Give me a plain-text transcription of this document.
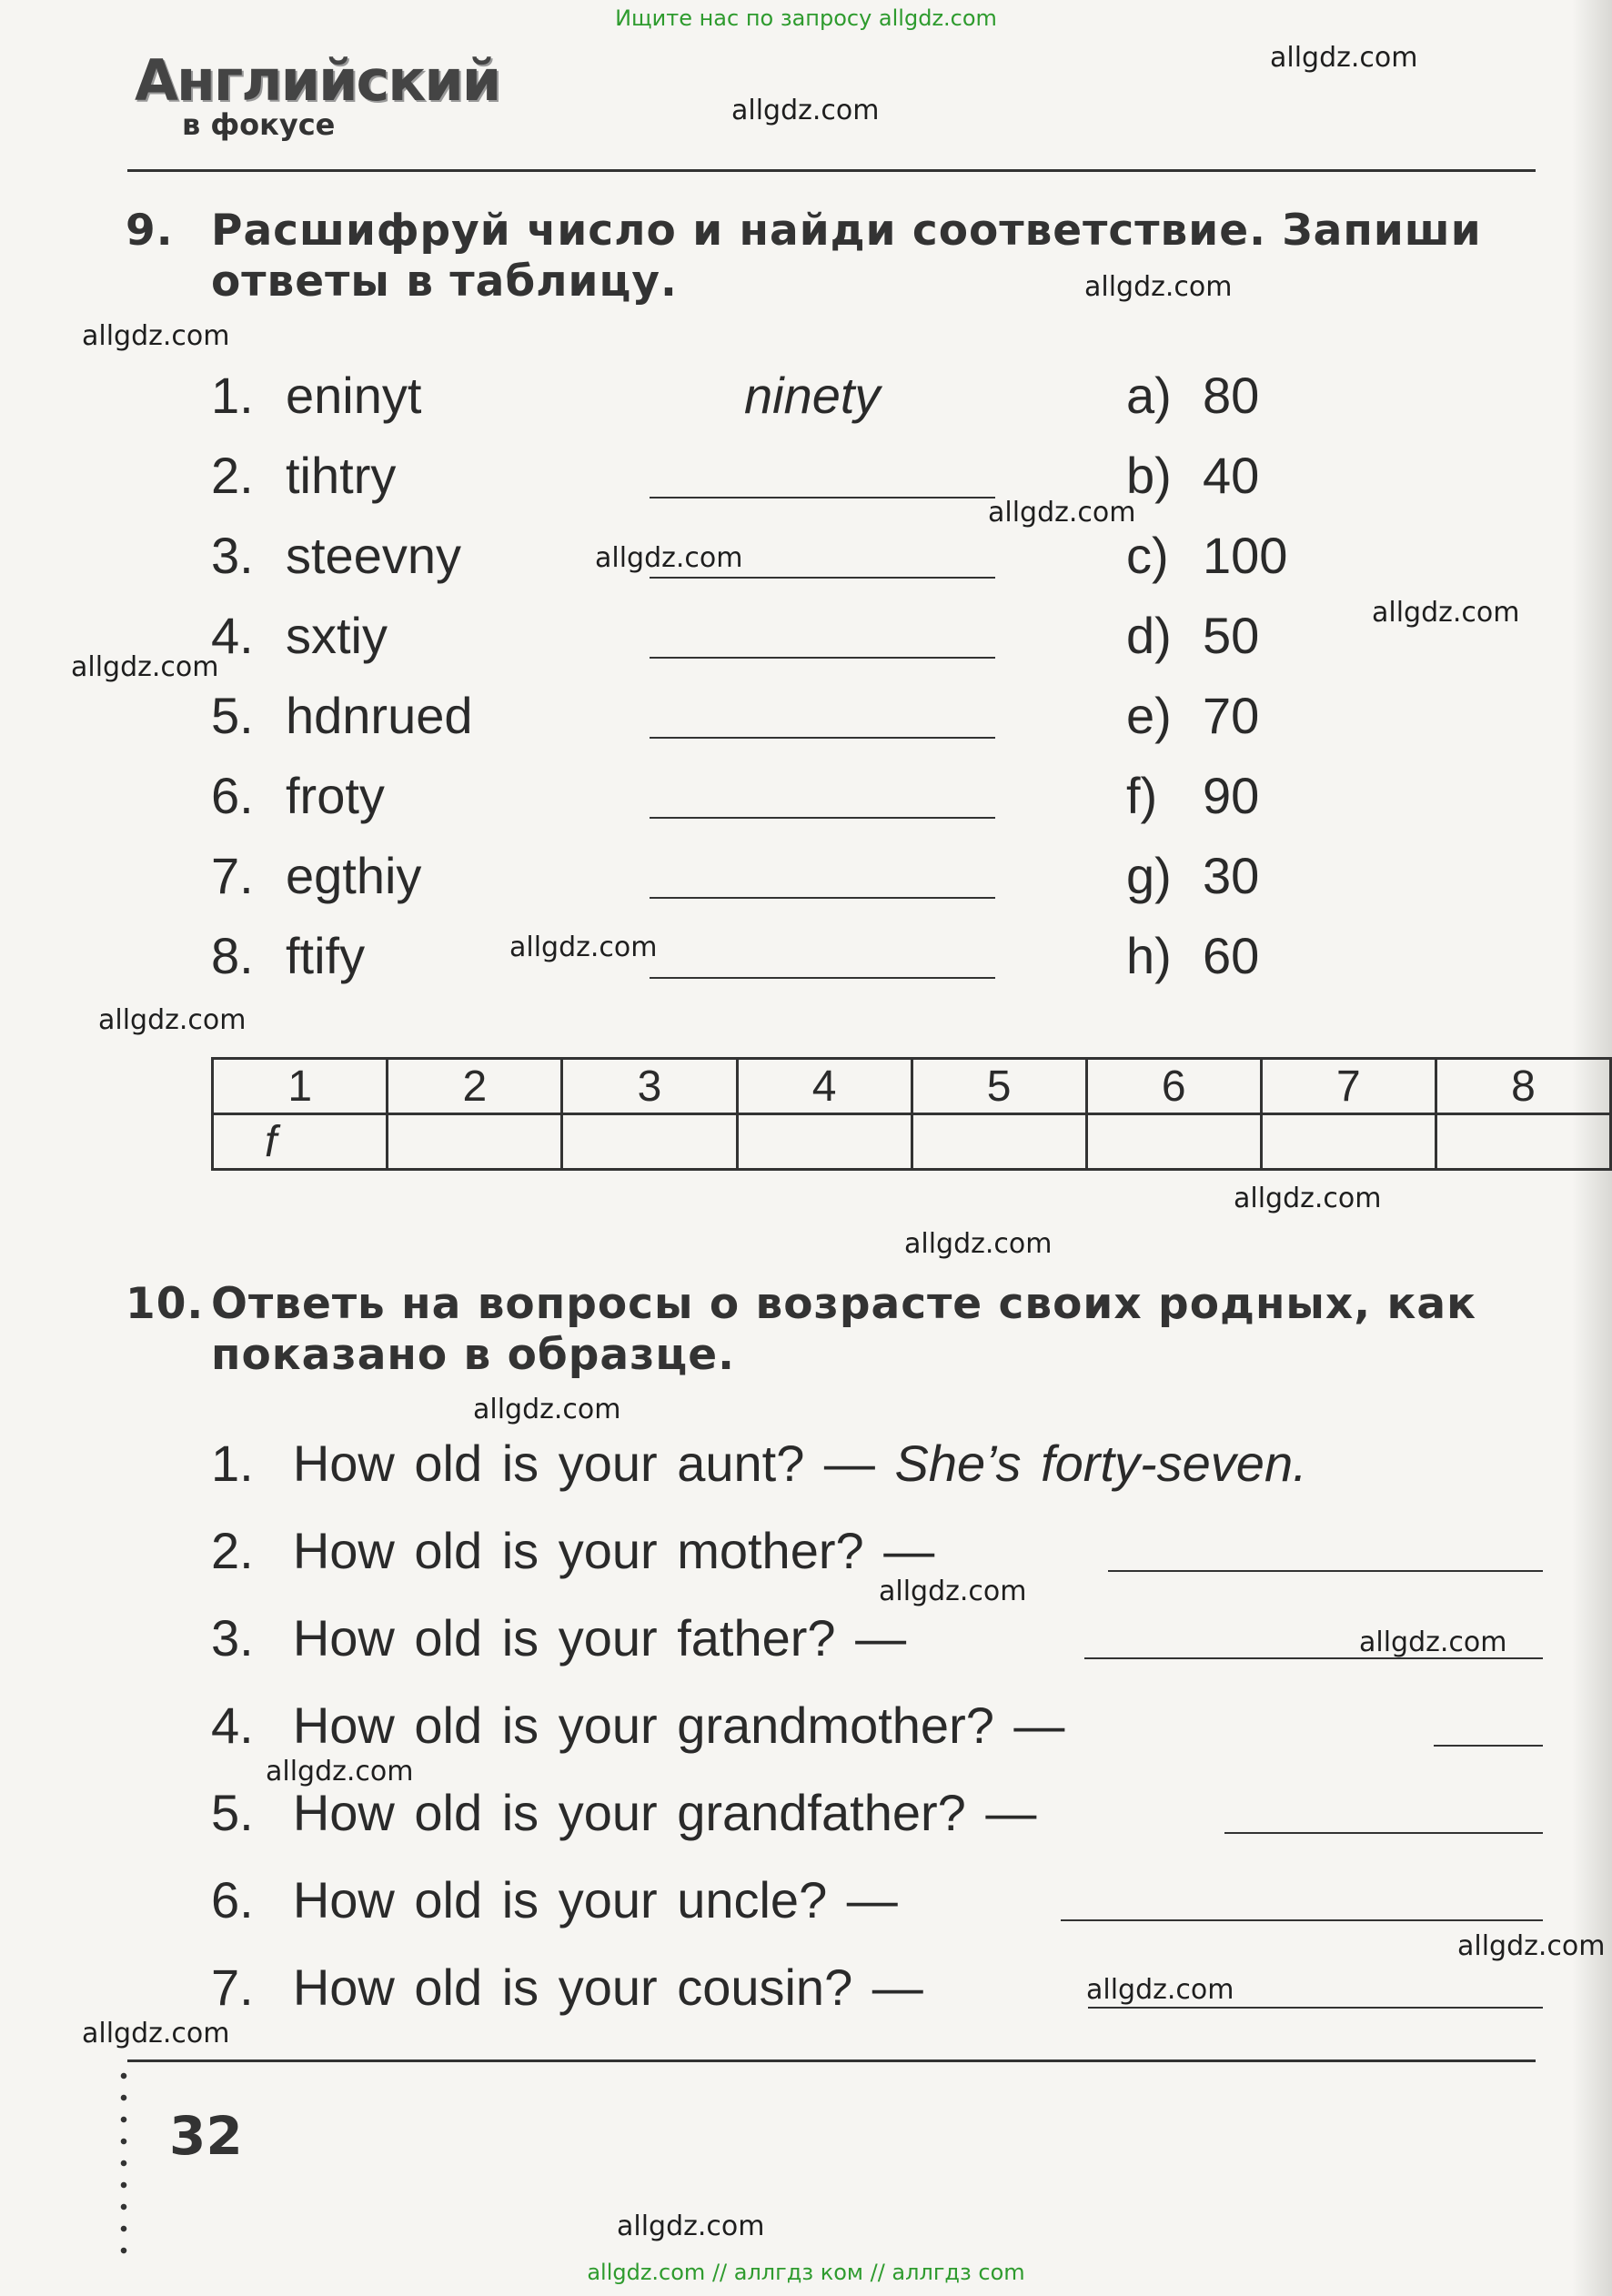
Ищите нас по запросу allgdz.com
Английский
в фокусе
9. Расшифруй число и найди соответствие. Запиши
ответы в таблицу.
1. eninyt	ninety	a) 80
2. tihtry	b) 40
3. steevny	c) 100
4. sxtiy	d) 50
5. hdnrued	e) 70
6. froty	f) 90
7. egthiy	g) 30
8. ftify	h) 60
1	2	3	4	5	6	7	8
f							
10. Ответь на вопросы о возрасте своих родных, как
показано в образце.
1. How old is your aunt? — She’s forty-seven.
2. How old is your mother? —
3. How old is your father? —
4. How old is your grandmother? —
5. How old is your grandfather? —
6. How old is your uncle? —
7. How old is your cousin? —
32
allgdz.com
allgdz.com
allgdz.com
allgdz.com
allgdz.com
allgdz.com
allgdz.com
allgdz.com
allgdz.com
allgdz.com
allgdz.com
allgdz.com
allgdz.com
allgdz.com
allgdz.com
allgdz.com
allgdz.com
allgdz.com
allgdz.com
allgdz.com
allgdz.com // аллгдз ком // аллгдз com
